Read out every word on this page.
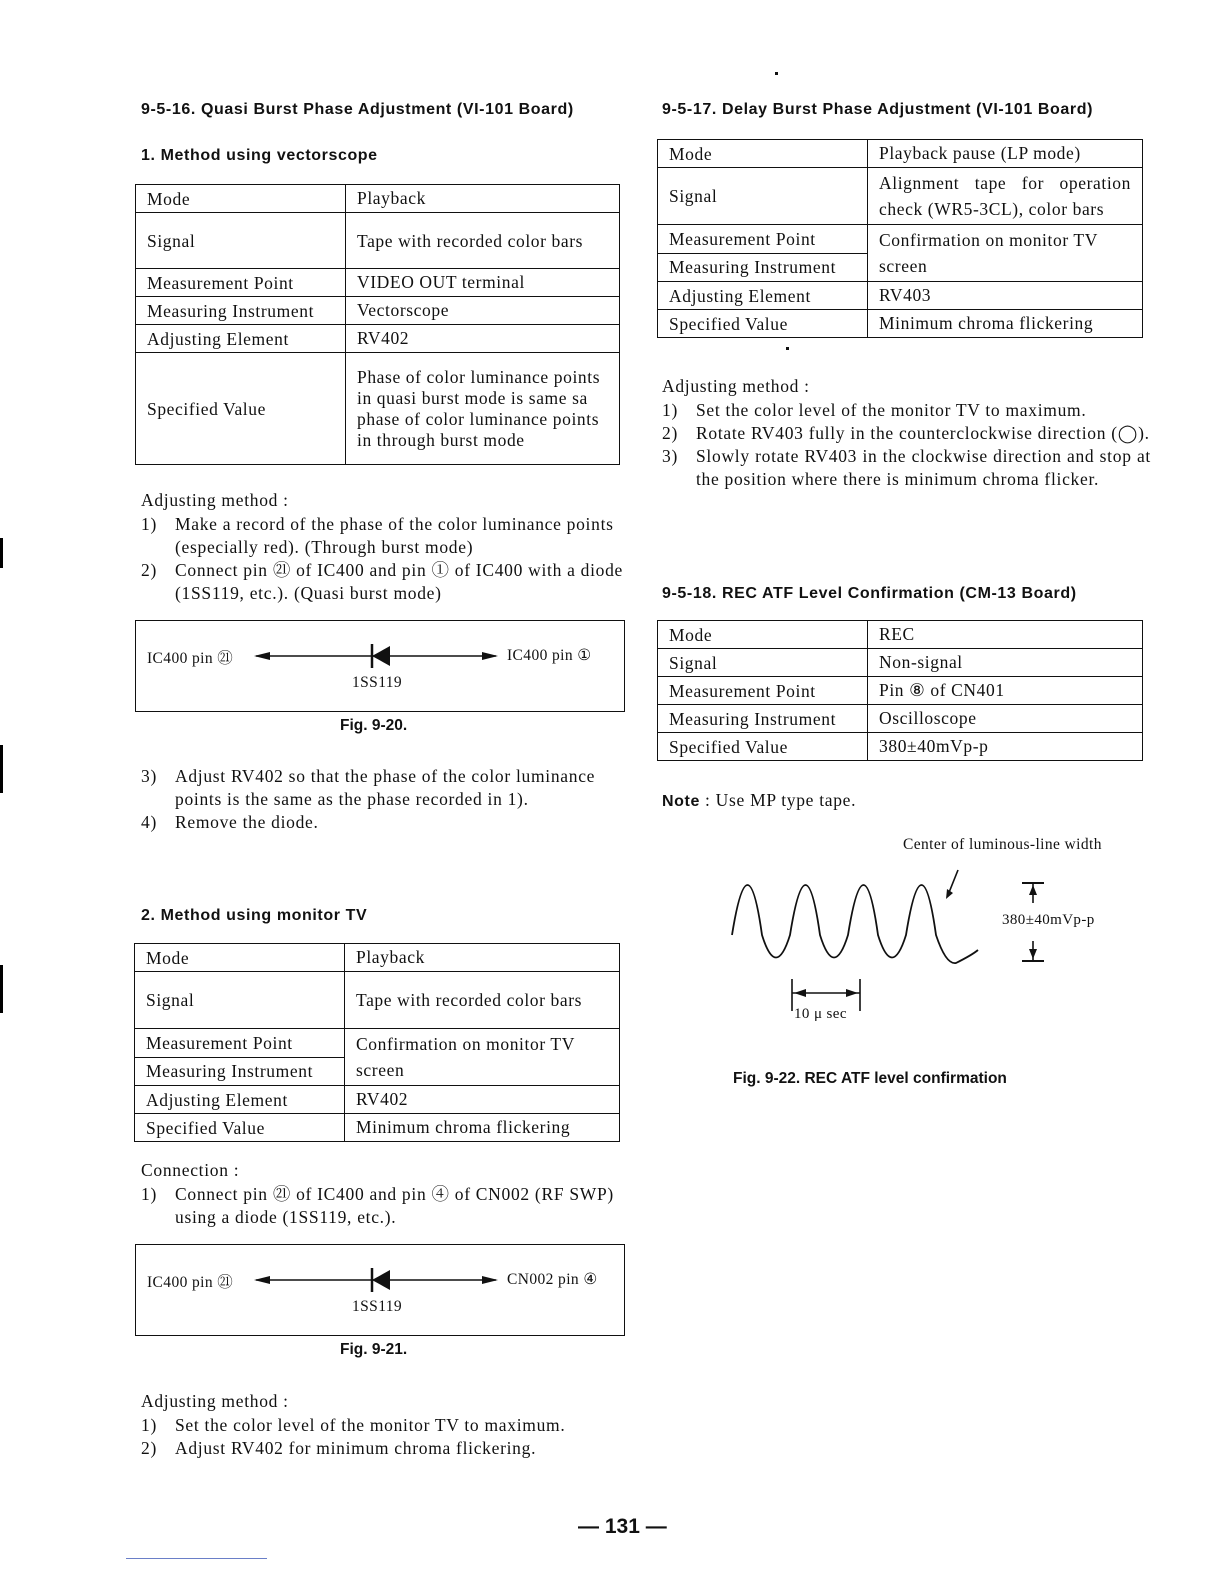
9-5-16. Quasi Burst Phase Adjustment (VI-101 Board)
1. Method using vectorscope
Mode	Playback
Signal	Tape with recorded color bars
Measurement Point	VIDEO OUT terminal
Measuring Instrument	Vectorscope
Adjusting Element	RV402
Specified Value	Phase of color luminance points in quasi burst mode is same sa phase of color luminance points in through burst mode
Adjusting method :
1) Make a record of the phase of the color luminance points (especially red). (Through burst mode)
2) Connect pin ㉑ of IC400 and pin ① of IC400 with a diode (1SS119, etc.). (Quasi burst mode)
IC400 pin ㉑	IC400 pin ①
1SS119
Fig. 9-20.
3) Adjust RV402 so that the phase of the color luminance points is the same as the phase recorded in 1).
4) Remove the diode.
2. Method using monitor TV
Mode	Playback
Signal	Tape with recorded color bars
Measurement Point	Confirmation on monitor TV screen
Measuring Instrument	
Adjusting Element	RV402
Specified Value	Minimum chroma flickering
Connection :
1) Connect pin ㉑ of IC400 and pin ④ of CN002 (RF SWP) using a diode (1SS119, etc.).
IC400 pin ㉑	CN002 pin ④
1SS119
Fig. 9-21.
Adjusting method :
1) Set the color level of the monitor TV to maximum.
2) Adjust RV402 for minimum chroma flickering.
9-5-17. Delay Burst Phase Adjustment (VI-101 Board)
Mode	Playback pause (LP mode)
Signal	Alignment tape for operation check (WR5-3CL), color bars
Measurement Point	Confirmation on monitor TV screen
Measuring Instrument	
Adjusting Element	RV403
Specified Value	Minimum chroma flickering
Adjusting method :
1) Set the color level of the monitor TV to maximum.
2) Rotate RV403 fully in the counterclockwise direction (◯).
3) Slowly rotate RV403 in the clockwise direction and stop at the position where there is minimum chroma flicker.
9-5-18. REC ATF Level Confirmation (CM-13 Board)
Mode	REC
Signal	Non-signal
Measurement Point	Pin ⑧ of CN401
Measuring Instrument	Oscilloscope
Specified Value	380±40mVp-p
Note : Use MP type tape.
Center of luminous-line width
380±40mVp-p
10 μ sec
Fig. 9-22. REC ATF level confirmation
— 131 —
